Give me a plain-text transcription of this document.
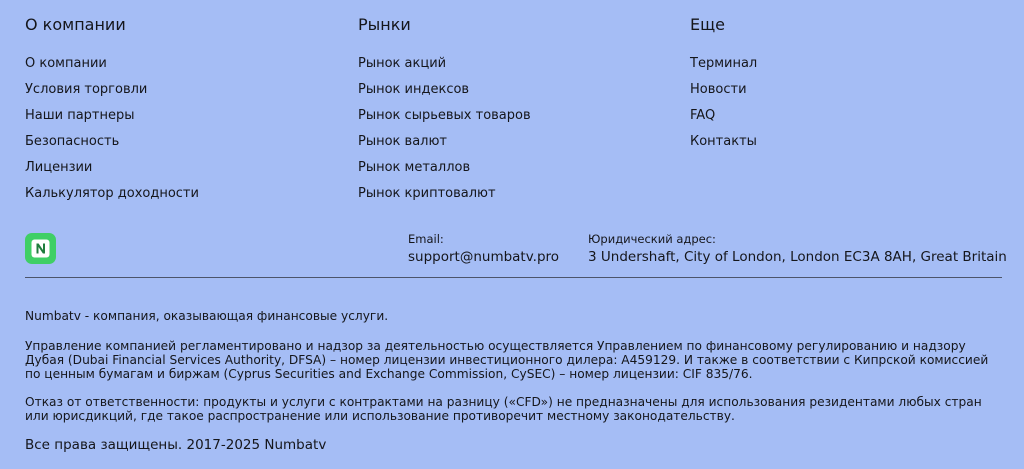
О компании
О компании
Условия торговли
Наши партнеры
Безопасность
Лицензии
Калькулятор доходности
Рынки
Рынок акций
Рынок индексов
Рынок сырьевых товаров
Рынок валют
Рынок металлов
Рынок криптовалют
Еще
Терминал
Новости
FAQ
Контакты
Email:
support@numbatv.pro
Юридический адрес:
3 Undershaft, City of London, London EC3A 8AH, Great Britain

Numbatv - компания, оказывающая финансовые услуги.

Управление компанией регламентировано и надзор за деятельностью осуществляется Управлением по финансовому регулированию и надзору Дубая (Dubai Financial Services Authority, DFSA) – номер лицензии инвестиционного дилера: A459129. И также в соответствии с Кипрской комиссией по ценным бумагам и биржам (Cyprus Securities and Exchange Commission, CySEC) – номер лицензии: CIF 835/76.

Отказ от ответственности: продукты и услуги с контрактами на разницу («CFD») не предназначены для использования резидентами любых стран или юрисдикций, где такое распространение или использование противоречит местному законодательству.

Все права защищены. 2017-2025 Numbatv
